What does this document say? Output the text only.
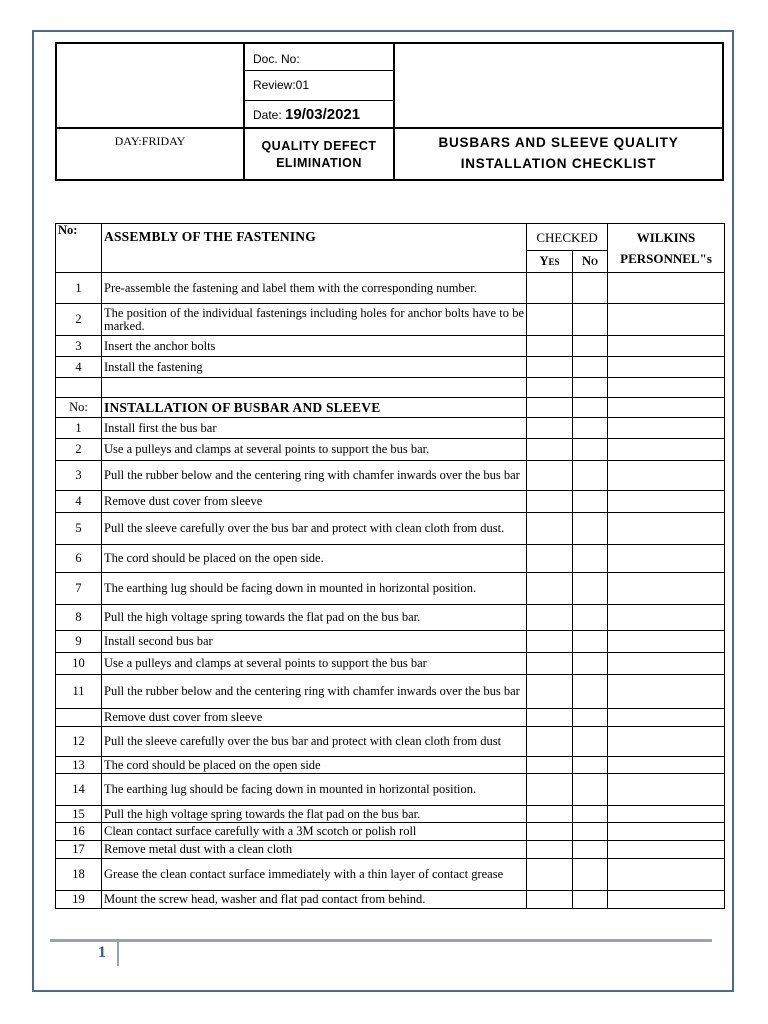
Doc. No:
Review:01
Date: 19/03/2021
DAY:FRIDAY	QUALITY DEFECT
ELIMINATION
BUSBARS AND SLEEVE QUALITY
INSTALLATION CHECKLIST
No:	ASSEMBLY OF THE FASTENING	CHECKED		WILKINS
PERSONNEL"s

		Yes	No	
1	Pre-assemble the fastening and label them with the corresponding number.			
2	The position of the individual fastenings including holes for anchor bolts have to be marked.			
3	Insert the anchor bolts			
4	Install the fastening			

No:	INSTALLATION OF BUSBAR AND SLEEVE			
1	Install first the bus bar			
2	Use a pulleys and clamps at several points to support the bus bar.			
3	Pull the rubber below and the centering ring with chamfer inwards over the bus bar			
4	Remove dust cover from sleeve			
5	Pull the sleeve carefully over the bus bar and protect with clean cloth from dust.			
6	The cord should be placed on the open side.			
7	The earthing lug should be facing down in mounted in horizontal position.			
8	Pull the high voltage spring towards the flat pad on the bus bar.			
9	Install second bus bar			
10	Use a pulleys and clamps at several points to support the bus bar			
11	Pull the rubber below and the centering ring with chamfer inwards over the bus bar			
	Remove dust cover from sleeve			
12	Pull the sleeve carefully over the bus bar and protect with clean cloth from dust			
13	The cord should be placed on the open side			
14	The earthing lug should be facing down in mounted in horizontal position.			
15	Pull the high voltage spring towards the flat pad on the bus bar.			
16	Clean contact surface carefully with a 3M scotch or polish roll			
17	Remove metal dust with a clean cloth			
18	Grease the clean contact surface immediately with a thin layer of contact grease			
19	Mount the screw head, washer and flat pad contact from behind.			
1
